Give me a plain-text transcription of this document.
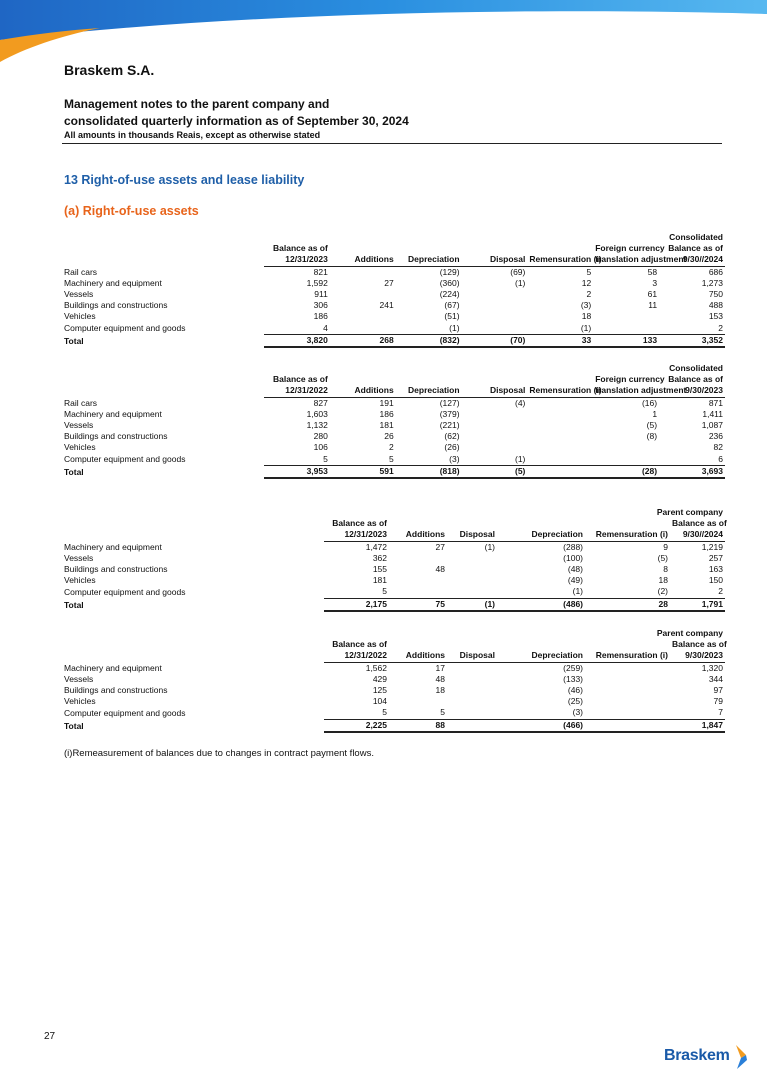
Braskem S.A.
Management notes to the parent company and
consolidated quarterly information as of September 30, 2024
All amounts in thousands Reais, except as otherwise stated
13 Right-of-use assets and lease liability
(a) Right-of-use assets
Consolidated							
	Balance as of					Foreign currency	Balance as of
	12/31/2023	Additions	Depreciation	Disposal	Remensuration (i)	translation adjustment	9/30//2024
Rail cars	821		(129)	(69)	5	58	686
Machinery and equipment	1,592	27	(360)	(1)	12	3	1,273
Vessels	911		(224)		2	61	750
Buildings and constructions	306	241	(67)		(3)	11	488
Vehicles	186		(51)		18		153
Computer equipment and goods	4		(1)		(1)		2
Total	3,820	268	(832)	(70)	33	133	3,352
Consolidated							
	Balance as of					Foreign currency	Balance as of
	12/31/2022	Additions	Depreciation	Disposal	Remensuration (i)	translation adjustment	9/30/2023
Rail cars	827	191	(127)	(4)		(16)	871
Machinery and equipment	1,603	186	(379)			1	1,411
Vessels	1,132	181	(221)			(5)	1,087
Buildings and constructions	280	26	(62)			(8)	236
Vehicles	106	2	(26)				82
Computer equipment and goods	5	5	(3)	(1)			6
Total	3,953	591	(818)	(5)		(28)	3,693
Parent company						
	Balance as of					Balance as of
	12/31/2023	Additions	Disposal	Depreciation	Remensuration (i)	9/30//2024
Machinery and equipment	1,472	27	(1)	(288)	9	1,219
Vessels	362			(100)	(5)	257
Buildings and constructions	155	48		(48)	8	163
Vehicles	181			(49)	18	150
Computer equipment and goods	5			(1)	(2)	2
Total	2,175	75	(1)	(486)	28	1,791
Parent company						
	Balance as of					Balance as of
	12/31/2022	Additions	Disposal	Depreciation	Remensuration (i)	9/30/2023
Machinery and equipment	1,562	17		(259)		1,320
Vessels	429	48		(133)		344
Buildings and constructions	125	18		(46)		97
Vehicles	104			(25)		79
Computer equipment and goods	5	5		(3)		7
Total	2,225	88		(466)		1,847
(i)Remeasurement of balances due to changes in contract payment flows.
27
Braskem
